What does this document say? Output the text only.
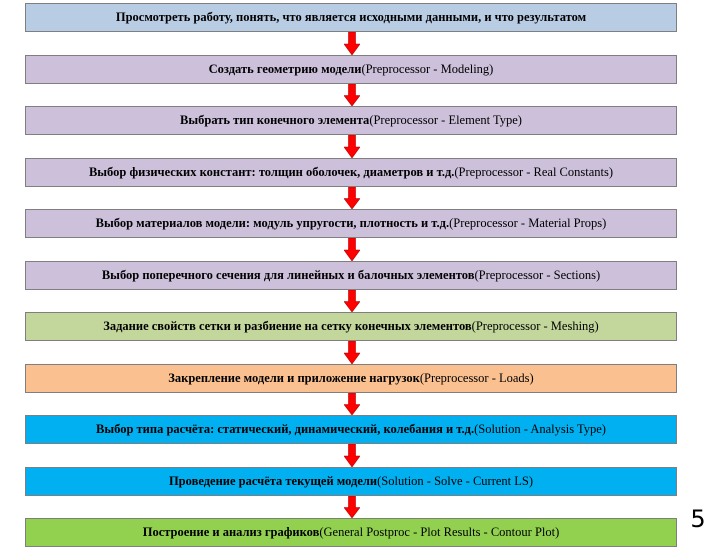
Просмотреть работу, понять, что является исходными данными, и что результатом
Создать геометрию модели (Preprocessor - Modeling)
Выбрать тип конечного элемента (Preprocessor - Element Type)
Выбор физических констант: толщин оболочек, диаметров и т.д. (Preprocessor - Real Constants)
Выбор материалов модели: модуль упругости, плотность и т.д. (Preprocessor - Material Props)
Выбор поперечного сечения для линейных и балочных элементов (Preprocessor - Sections)
Задание свойств сетки и разбиение на сетку конечных элементов (Preprocessor - Meshing)
Закрепление модели и приложение нагрузок (Preprocessor - Loads)
Выбор типа расчёта: статический, динамический, колебания и т.д. (Solution - Analysis Type)
Проведение расчёта текущей модели (Solution - Solve - Current LS)
Построение и анализ графиков (General Postproc - Plot Results - Contour Plot)	5
